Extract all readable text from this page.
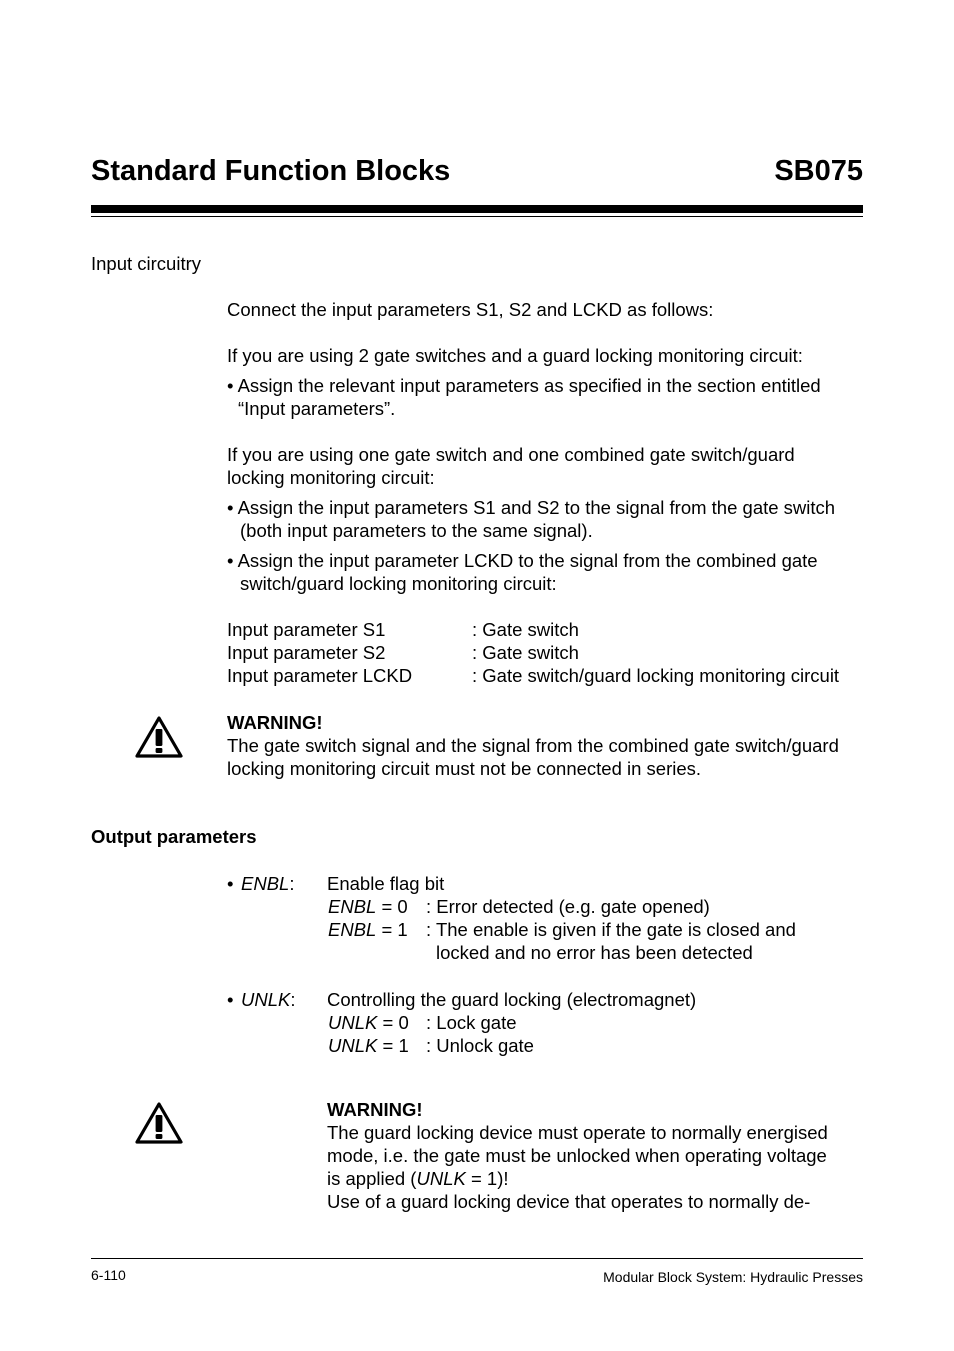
Standard Function Blocks	SB075
Input circuitry
Connect the input parameters S1, S2 and LCKD as follows:
If you are using 2 gate switches and a guard locking monitoring circuit:
• Assign the relevant input parameters as specified in the section entitled
“Input parameters”.
If you are using one gate switch and one combined gate switch/guard
locking monitoring circuit:
• Assign the input parameters S1 and S2 to the signal from the gate switch
(both input parameters to the same signal).
• Assign the input parameter LCKD to the signal from the combined gate
switch/guard locking monitoring circuit:
Input parameter S1	: Gate switch
Input parameter S2	: Gate switch
Input parameter LCKD	: Gate switch/guard locking monitoring circuit
WARNING!
The gate switch signal and the signal from the combined gate switch/guard
locking monitoring circuit must not be connected in series.
Output parameters
• ENBL: Enable flag bit
ENBL = 0 : Error detected (e.g. gate opened)
ENBL = 1 : The enable is given if the gate is closed and
locked and no error has been detected
• UNLK: Controlling the guard locking (electromagnet)
UNLK = 0 : Lock gate
UNLK = 1 : Unlock gate
WARNING!
The guard locking device must operate to normally energised
mode, i.e. the gate must be unlocked when operating voltage
is applied (UNLK = 1)!
Use of a guard locking device that operates to normally de-
6-110	Modular Block System: Hydraulic Presses
